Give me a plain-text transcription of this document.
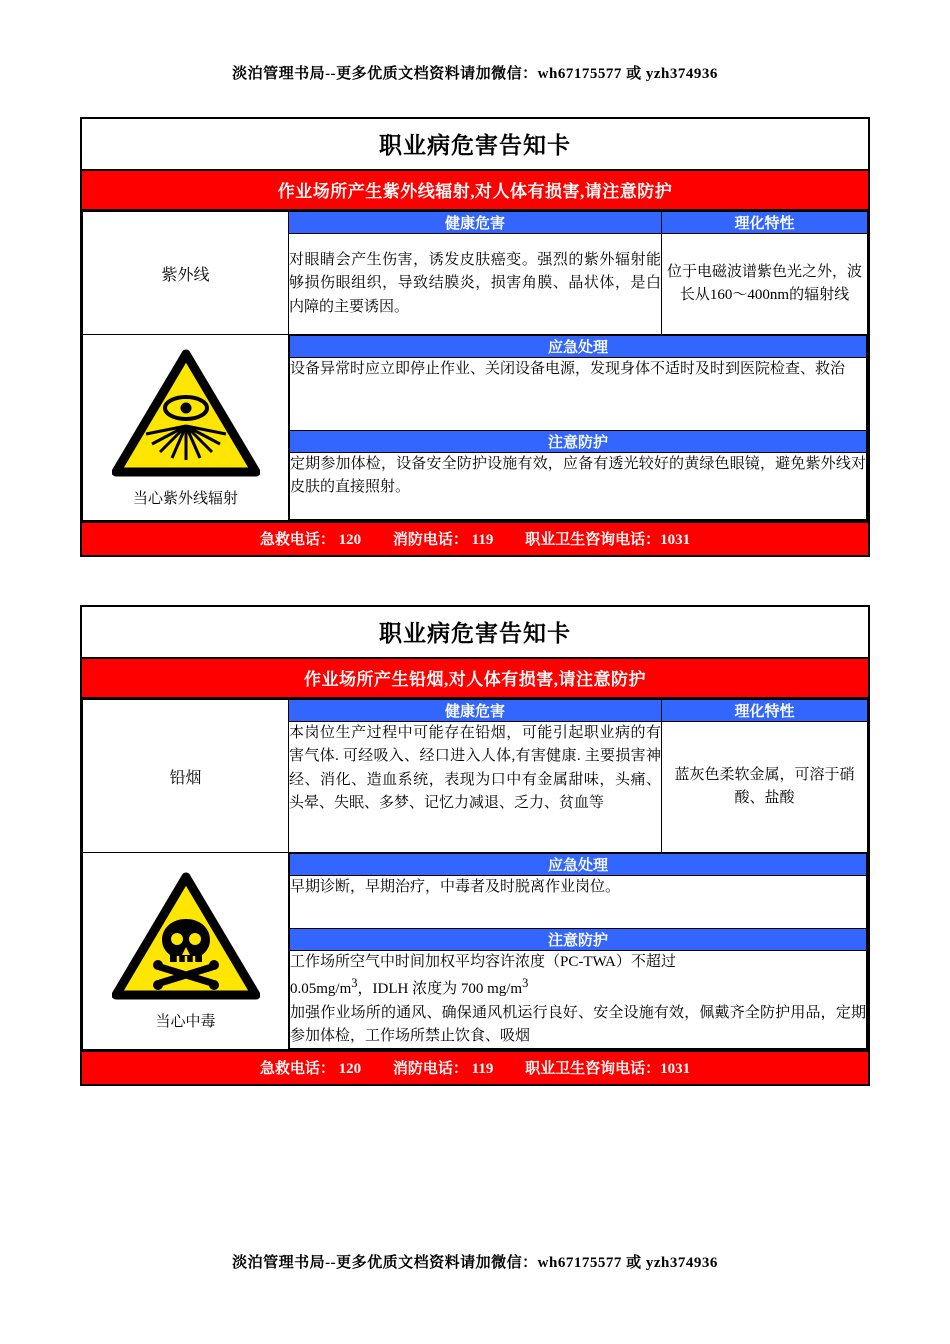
淡泊管理书局--更多优质文档资料请加微信：wh67175577 或 yzh374936
职业病危害告知卡
作业场所产生紫外线辐射,对人体有损害,请注意防护
紫外线
	健康危害	理化特性
对眼睛会产生伤害，诱发皮肤癌变。强烈的紫外辐射能够损伤眼组织，导致结膜炎，损害角膜、晶状体，是白内障的主要诱因。	位于电磁波谱紫色光之外，波长从160～400nm的辐射线

当心紫外线辐射

应急处理
设备异常时应立即停止作业、关闭设备电源，发现身体不适时及时到医院检查、救治
注意防护
定期参加体检，设备安全防护设施有效，应备有透光较好的黄绿色眼镜，避免紫外线对皮肤的直接照射。
急救电话： 120 消防电话： 119 职业卫生咨询电话：1031
职业病危害告知卡
作业场所产生铅烟,对人体有损害,请注意防护
铅烟
	健康危害	理化特性
本岗位生产过程中可能存在铅烟，可能引起职业病的有害气体. 可经吸入、经口进入人体,有害健康. 主要损害神经、消化、造血系统，表现为口中有金属甜味，头痛、头晕、失眠、多梦、记忆力减退、乏力、贫血等	蓝灰色柔软金属，可溶于硝酸、盐酸

当心中毒

应急处理
早期诊断，早期治疗，中毒者及时脱离作业岗位。
注意防护

工作场所空气中时间加权平均容许浓度（PC-TWA）不超过
$0.05mg/m^3$，IDLH 浓度为 700 $mg/m^3$
加强作业场所的通风、确保通风机运行良好、安全设施有效，佩戴齐全防护用品，定期参加体检，工作场所禁止饮食、吸烟
急救电话： 120 消防电话： 119 职业卫生咨询电话：1031
淡泊管理书局--更多优质文档资料请加微信：wh67175577 或 yzh374936
